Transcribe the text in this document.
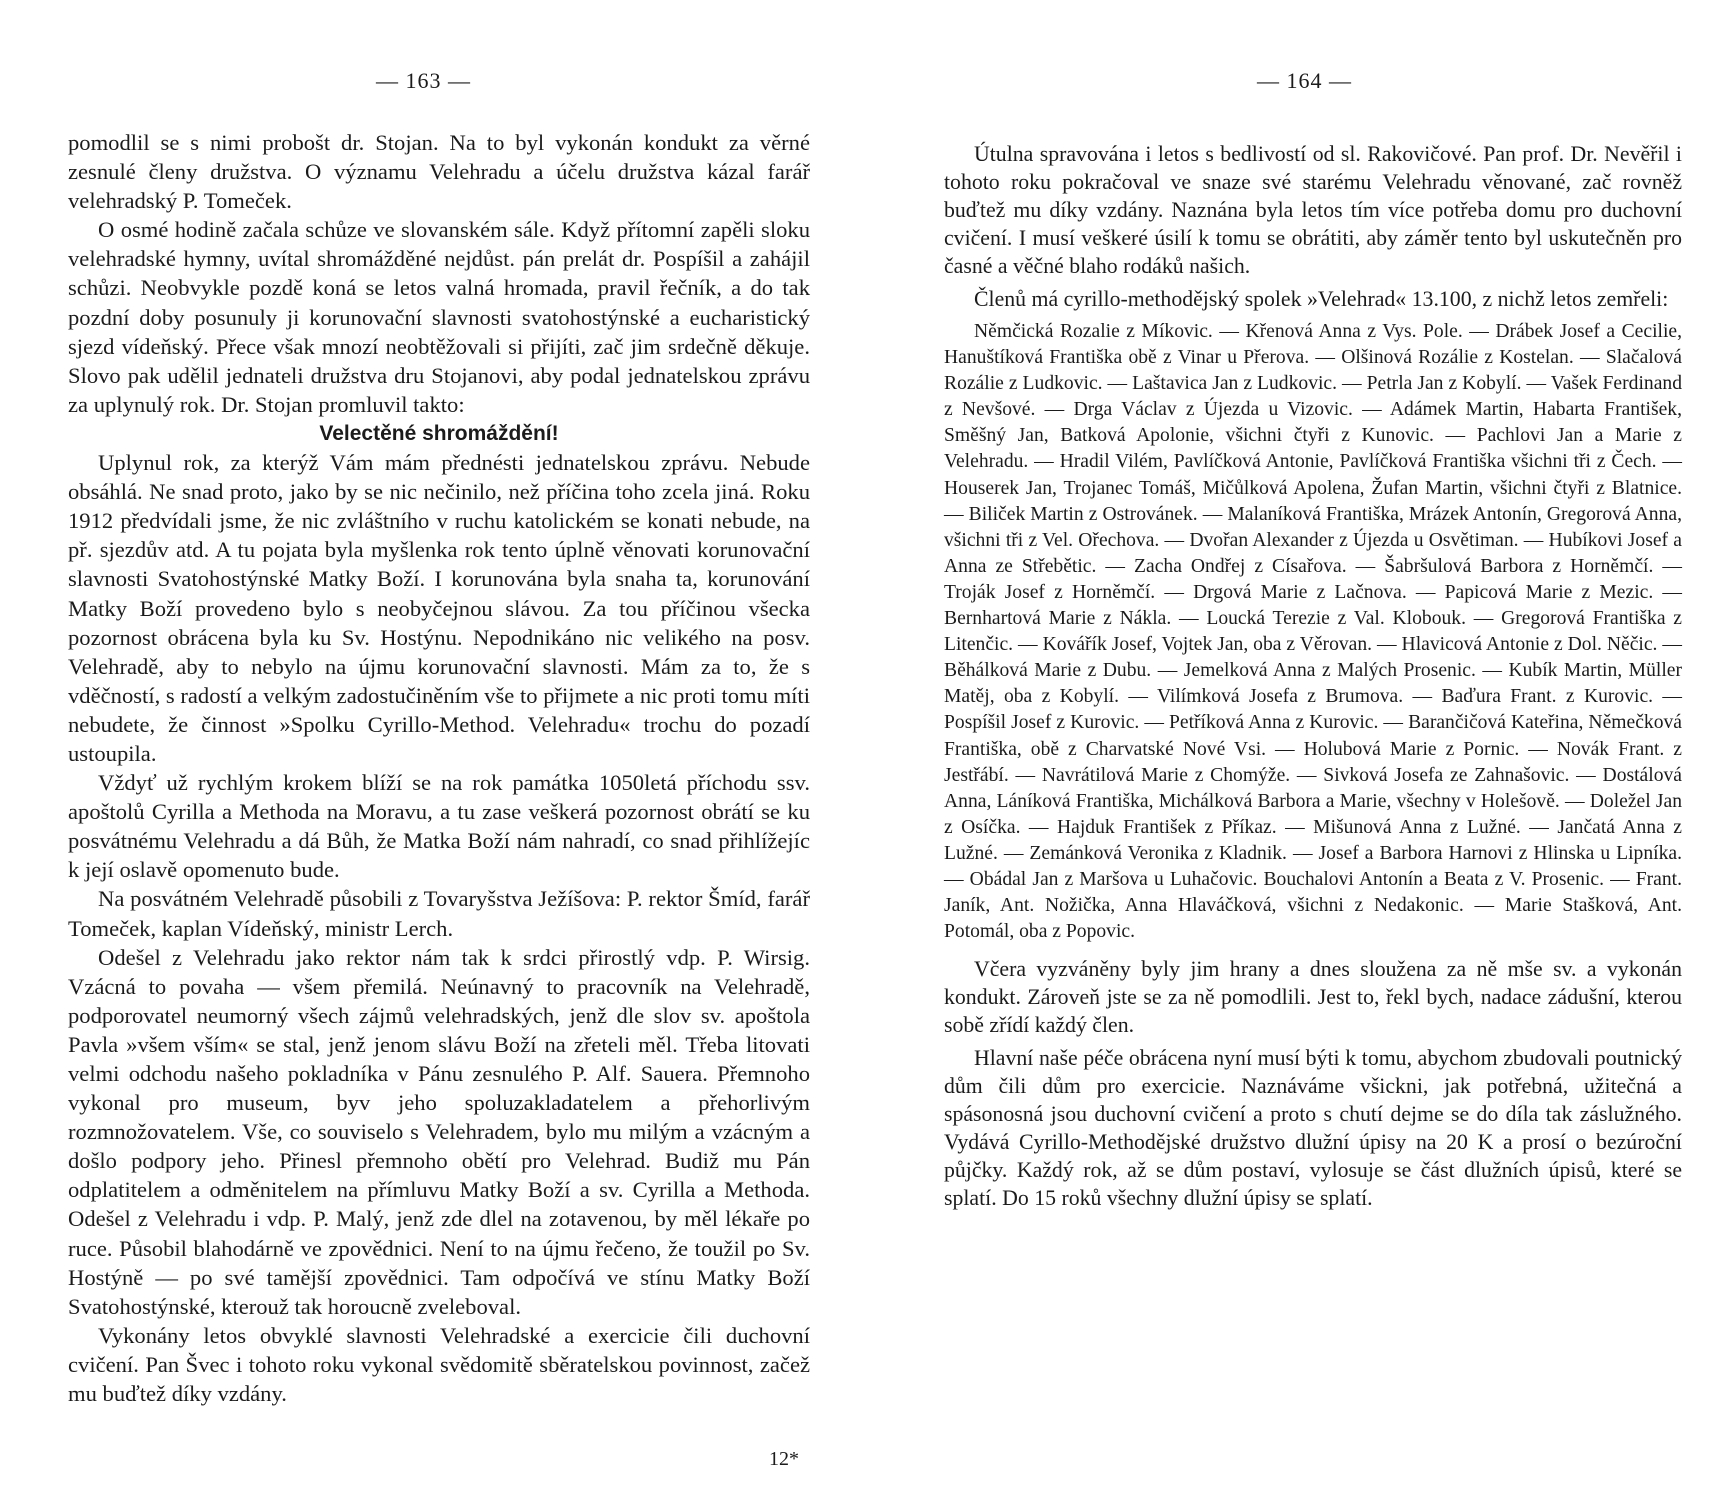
— 163 —

pomodlil se s nimi probošt dr. Stojan. Na to byl vykonán kondukt za věrné zesnulé členy družstva. O významu Velehradu a účelu družstva kázal farář velehradský P. Tomeček.

O osmé hodině začala schůze ve slovanském sále. Když přítomní zapěli sloku velehradské hymny, uvítal shromážděné nejdůst. pán prelát dr. Pospíšil a zahájil schůzi. Neobvykle pozdě koná se letos valná hromada, pravil řečník, a do tak pozdní doby posunuly ji korunovační slavnosti svatohostýnské a eucharistický sjezd vídeňský. Přece však mnozí neobtěžovali si přijíti, zač jim srdečně děkuje. Slovo pak udělil jednateli družstva dru Stojanovi, aby podal jednatelskou zprávu za uplynulý rok. Dr. Stojan promluvil takto:

Velectěné shromáždění!

Uplynul rok, za kterýž Vám mám přednésti jednatelskou zprávu. Nebude obsáhlá. Ne snad proto, jako by se nic nečinilo, než příčina toho zcela jiná. Roku 1912 předvídali jsme, že nic zvláštního v ruchu katolickém se konati nebude, na př. sjezdův atd. A tu pojata byla myšlenka rok tento úplně věnovati korunovační slavnosti Svatohostýnské Matky Boží. I korunována byla snaha ta, korunování Matky Boží provedeno bylo s neobyčejnou slávou. Za tou příčinou všecka pozornost obrácena byla ku Sv. Hostýnu. Nepodnikáno nic velikého na posv. Velehradě, aby to nebylo na újmu korunovační slavnosti. Mám za to, že s vděčností, s radostí a velkým zadostučiněním vše to přijmete a nic proti tomu míti nebudete, že činnost »Spolku Cyrillo-Method. Velehradu« trochu do pozadí ustoupila.

Vždyť už rychlým krokem blíží se na rok památka 1050letá příchodu ssv. apoštolů Cyrilla a Methoda na Moravu, a tu zase veškerá pozornost obrátí se ku posvátnému Velehradu a dá Bůh, že Matka Boží nám nahradí, co snad přihlížejíc k její oslavě opomenuto bude.

Na posvátném Velehradě působili z Tovaryšstva Ježíšova: P. rektor Šmíd, farář Tomeček, kaplan Vídeňský, ministr Lerch.

Odešel z Velehradu jako rektor nám tak k srdci přirostlý vdp. P. Wirsig. Vzácná to povaha — všem přemilá. Neúnavný to pracovník na Velehradě, podporovatel neumorný všech zájmů velehradských, jenž dle slov sv. apoštola Pavla »všem vším« se stal, jenž jenom slávu Boží na zřeteli měl. Třeba litovati velmi odchodu našeho pokladníka v Pánu zesnulého P. Alf. Sauera. Přemnoho vykonal pro museum, byv jeho spoluzakladatelem a přehorlivým rozmnožovatelem. Vše, co souviselo s Velehradem, bylo mu milým a vzácným a došlo podpory jeho. Přinesl přemnoho obětí pro Velehrad. Budiž mu Pán odplatitelem a odměnitelem na přímluvu Matky Boží a sv. Cyrilla a Methoda. Odešel z Velehradu i vdp. P. Malý, jenž zde dlel na zotavenou, by měl lékaře po ruce. Působil blahodárně ve zpovědnici. Není to na újmu řečeno, že toužil po Sv. Hostýně — po své tamější zpovědnici. Tam odpočívá ve stínu Matky Boží Svatohostýnské, kterouž tak horoucně zveleboval.

Vykonány letos obvyklé slavnosti Velehradské a exercicie čili duchovní cvičení. Pan Švec i tohoto roku vykonal svědomitě sběratelskou povinnost, začež mu buďtež díky vzdány.

12*
— 164 —

Útulna spravována i letos s bedlivostí od sl. Rakovičové. Pan prof. Dr. Nevěřil i tohoto roku pokračoval ve snaze své starému Velehradu věnované, zač rovněž buďtež mu díky vzdány. Naznána byla letos tím více potřeba domu pro duchovní cvičení. I musí veškeré úsilí k tomu se obrátiti, aby záměr tento byl uskutečněn pro časné a věčné blaho rodáků našich.

Členů má cyrillo-methodějský spolek »Velehrad« 13.100, z nichž letos zemřeli:

Němčická Rozalie z Míkovic. — Křenová Anna z Vys. Pole. — Drábek Josef a Cecilie, Hanuštíková Františka obě z Vinar u Přerova. — Olšinová Rozálie z Kostelan. — Slačalová Rozálie z Ludkovic. — Laštavica Jan z Ludkovic. — Petrla Jan z Kobylí. — Vašek Ferdinand z Nevšové. — Drga Václav z Újezda u Vizovic. — Adámek Martin, Habarta František, Směšný Jan, Batková Apolonie, všichni čtyři z Kunovic. — Pachlovi Jan a Marie z Velehradu. — Hradil Vilém, Pavlíčková Antonie, Pavlíčková Františka všichni tři z Čech. — Houserek Jan, Trojanec Tomáš, Mičůlková Apolena, Žufan Martin, všichni čtyři z Blatnice. — Biliček Martin z Ostrovánek. — Malaníková Františka, Mrázek Antonín, Gregorová Anna, všichni tři z Vel. Ořechova. — Dvořan Alexander z Újezda u Osvětiman. — Hubíkovi Josef a Anna ze Střebětic. — Zacha Ondřej z Císařova. — Šabršulová Barbora z Horněmčí. — Troják Josef z Horněmčí. — Drgová Marie z Lačnova. — Papicová Marie z Mezic. — Bernhartová Marie z Nákla. — Loucká Terezie z Val. Klobouk. — Gregorová Františka z Litenčic. — Kovářík Josef, Vojtek Jan, oba z Věrovan. — Hlavicová Antonie z Dol. Něčic. — Běhálková Marie z Dubu. — Jemelková Anna z Malých Prosenic. — Kubík Martin, Müller Matěj, oba z Kobylí. — Vilímková Josefa z Brumova. — Baďura Frant. z Kurovic. — Pospíšil Josef z Kurovic. — Petříková Anna z Kurovic. — Barančičová Kateřina, Němečková Františka, obě z Charvatské Nové Vsi. — Holubová Marie z Pornic. — Novák Frant. z Jestřábí. — Navrátilová Marie z Chomýže. — Sivková Josefa ze Zahnašovic. — Dostálová Anna, Láníková Františka, Michálková Barbora a Marie, všechny v Holešově. — Doležel Jan z Osíčka. — Hajduk František z Příkaz. — Mišunová Anna z Lužné. — Jančatá Anna z Lužné. — Zemánková Veronika z Kladnik. — Josef a Barbora Harnovi z Hlinska u Lipníka. — Obádal Jan z Maršova u Luhačovic. Bouchalovi Antonín a Beata z V. Prosenic. — Frant. Janík, Ant. Nožička, Anna Hlaváčková, všichni z Nedakonic. — Marie Stašková, Ant. Potomál, oba z Popovic.

Včera vyzváněny byly jim hrany a dnes sloužena za ně mše sv. a vykonán kondukt. Zároveň jste se za ně pomodlili. Jest to, řekl bych, nadace zádušní, kterou sobě zřídí každý člen.

Hlavní naše péče obrácena nyní musí býti k tomu, abychom zbudovali poutnický dům čili dům pro exercicie. Naznáváme všickni, jak potřebná, užitečná a spásonosná jsou duchovní cvičení a proto s chutí dejme se do díla tak záslužného. Vydává Cyrillo-Methodějské družstvo dlužní úpisy na 20 K a prosí o bezúroční půjčky. Každý rok, až se dům postaví, vylosuje se část dlužních úpisů, které se splatí. Do 15 roků všechny dlužní úpisy se splatí.
